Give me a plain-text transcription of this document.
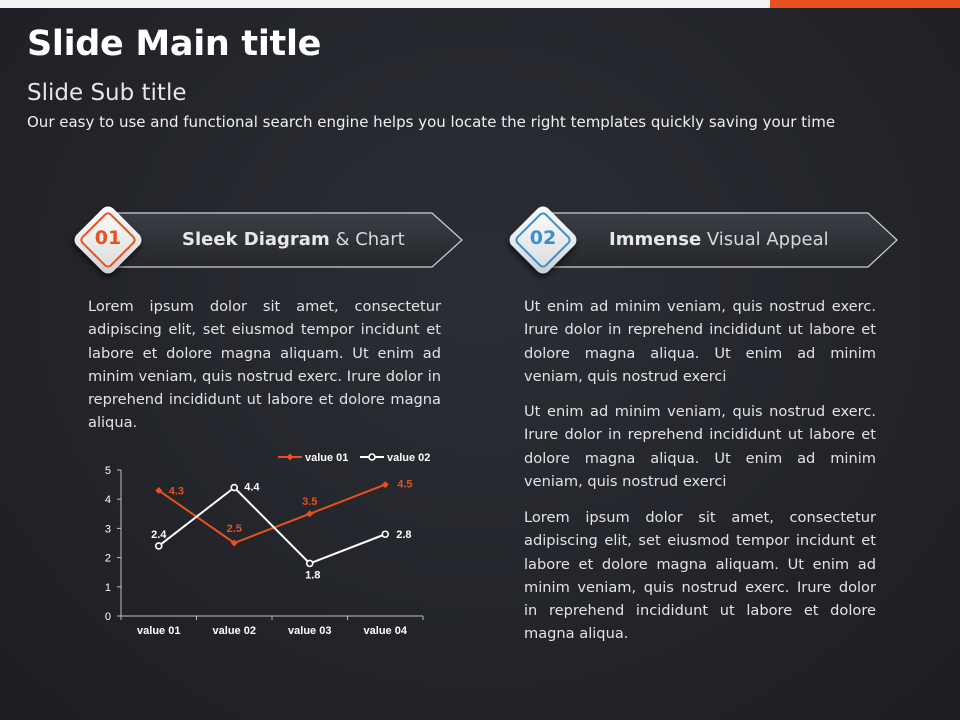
Slide Main title
Slide Sub title
Our easy to use and functional search engine helps you locate the right templates quickly saving your time
01	Sleek Diagram & Chart	02	Immense Visual Appeal
Lorem ipsum dolor sit amet, consectetur adipiscing elit, set eiusmod tempor incidunt et labore et dolore magna aliquam. Ut enim ad minim veniam, quis nostrud exerc. Irure dolor in reprehend incididunt ut labore et dolore magna aliqua.
Ut enim ad minim veniam, quis nostrud exerc. Irure dolor in reprehend incididunt ut labore et dolore magna aliqua. Ut enim ad minim veniam, quis nostrud exerci
Ut enim ad minim veniam, quis nostrud exerc. Irure dolor in reprehend incididunt ut labore et dolore magna aliqua. Ut enim ad minim veniam, quis nostrud exerci
Lorem ipsum dolor sit amet, consectetur adipiscing elit, set eiusmod tempor incidunt et labore et dolore magna aliquam. Ut enim ad minim veniam, quis nostrud exerc. Irure dolor in reprehend incididunt ut labore et dolore magna aliqua.
0
1
2
3
4
5
value 01	value 02	value 03	value 04
4.3
2.5
3.5
4.5
2.4
4.4
1.8
2.8
value 01	value 02
